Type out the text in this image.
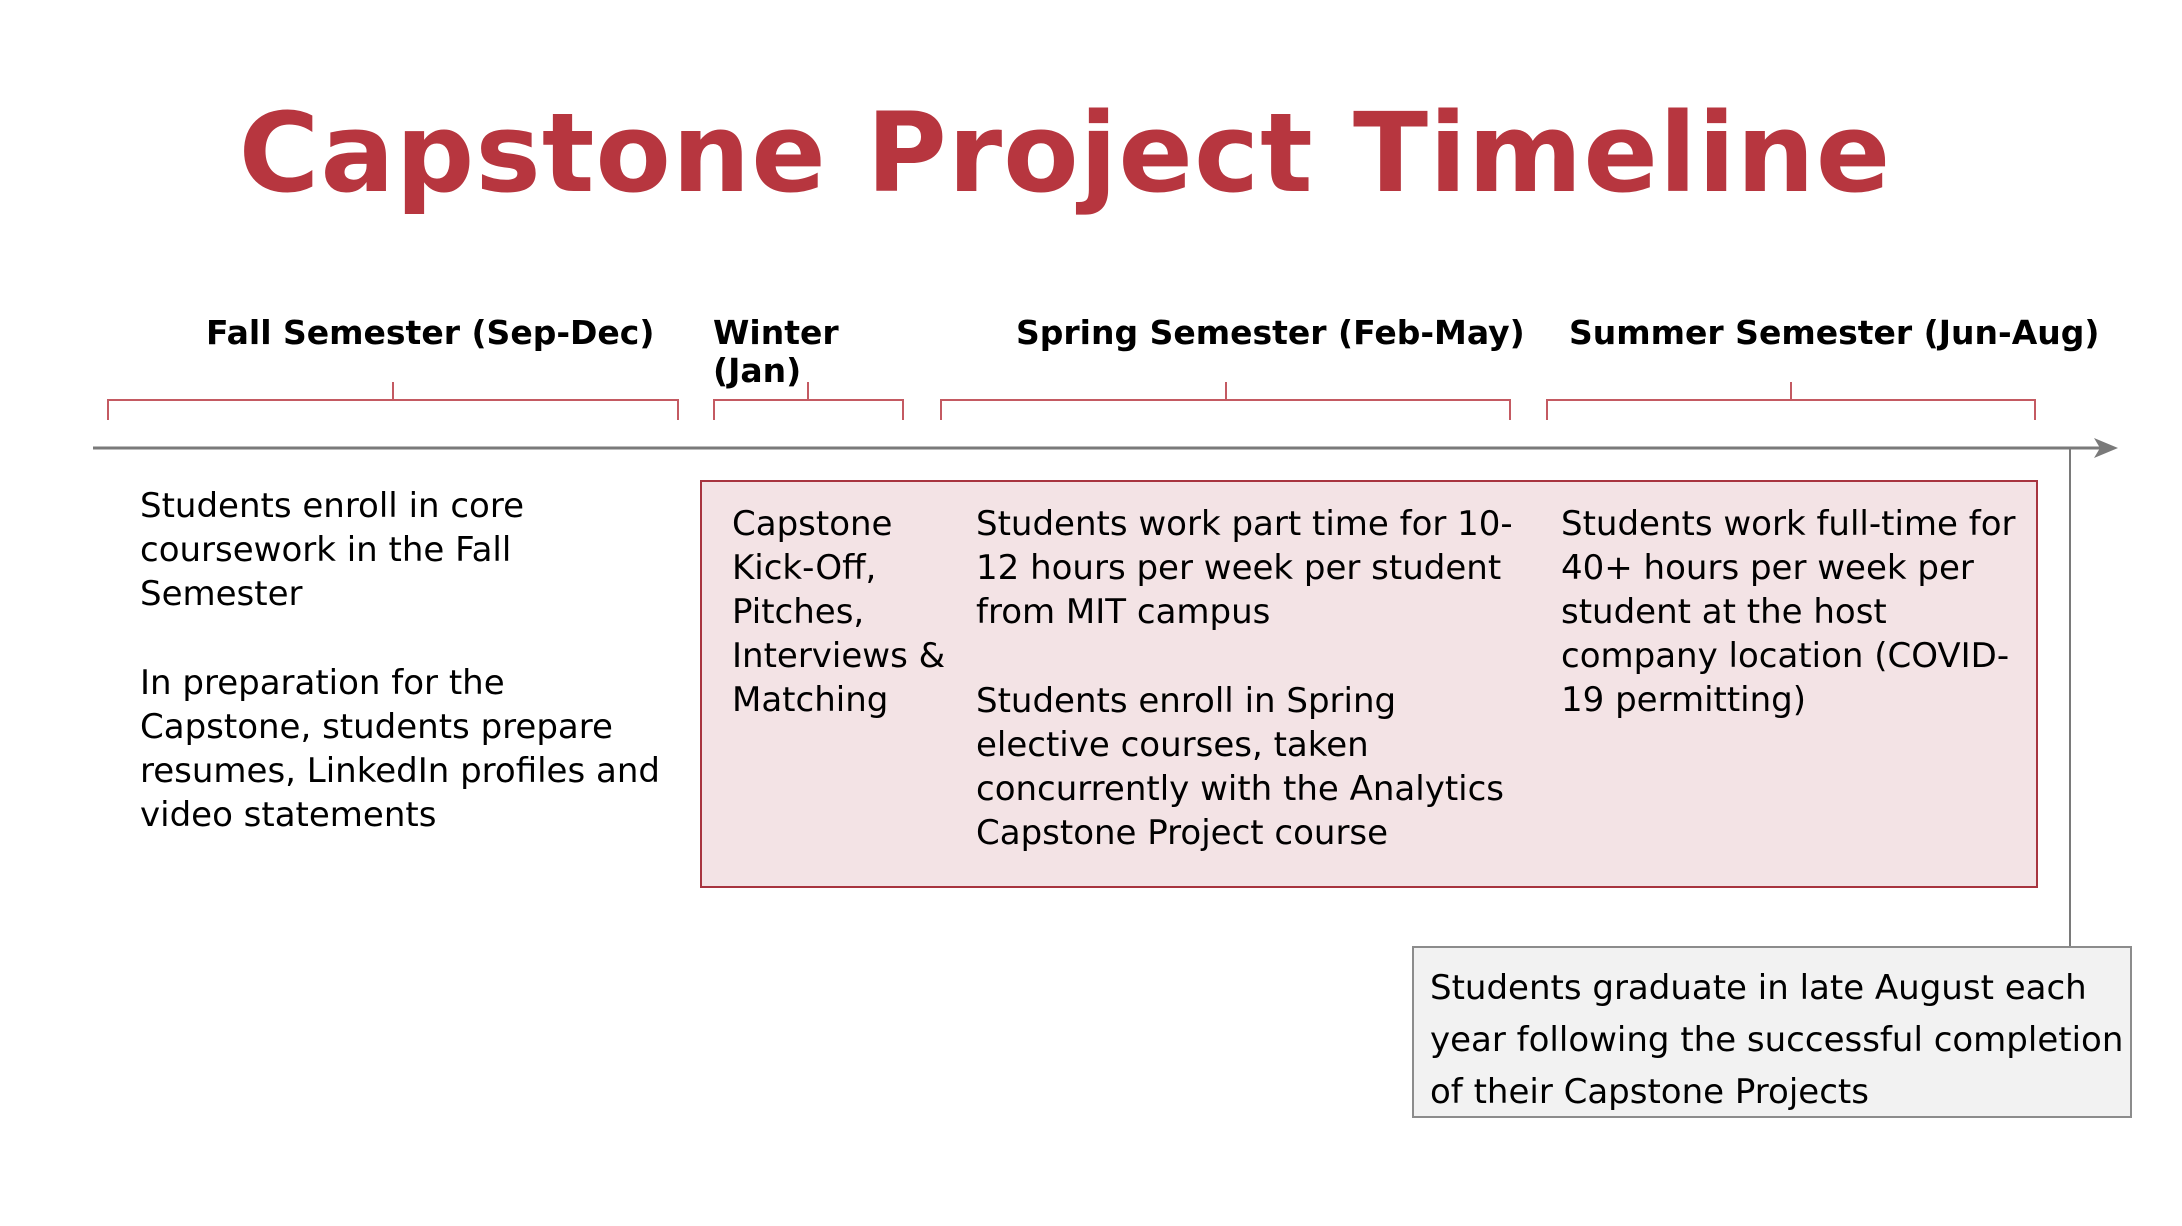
Capstone Project Timeline
Fall Semester (Sep-Dec) Winter
(Jan)
Spring Semester (Feb-May) Summer Semester (Jun-Aug)

Students enroll in core coursework in the Fall Semester

In preparation for the Capstone, students prepare resumes, LinkedIn profiles and video statements

Capstone Kick-Off, Pitches, Interviews & Matching

Students work part time for 10-12 hours per week per student from MIT campus

Students enroll in Spring elective courses, taken concurrently with the Analytics Capstone Project course

Students work full-time for 40+ hours per week per student at the host company location (COVID-19 permitting)

Students graduate in late August each year following the successful completion of their Capstone Projects
